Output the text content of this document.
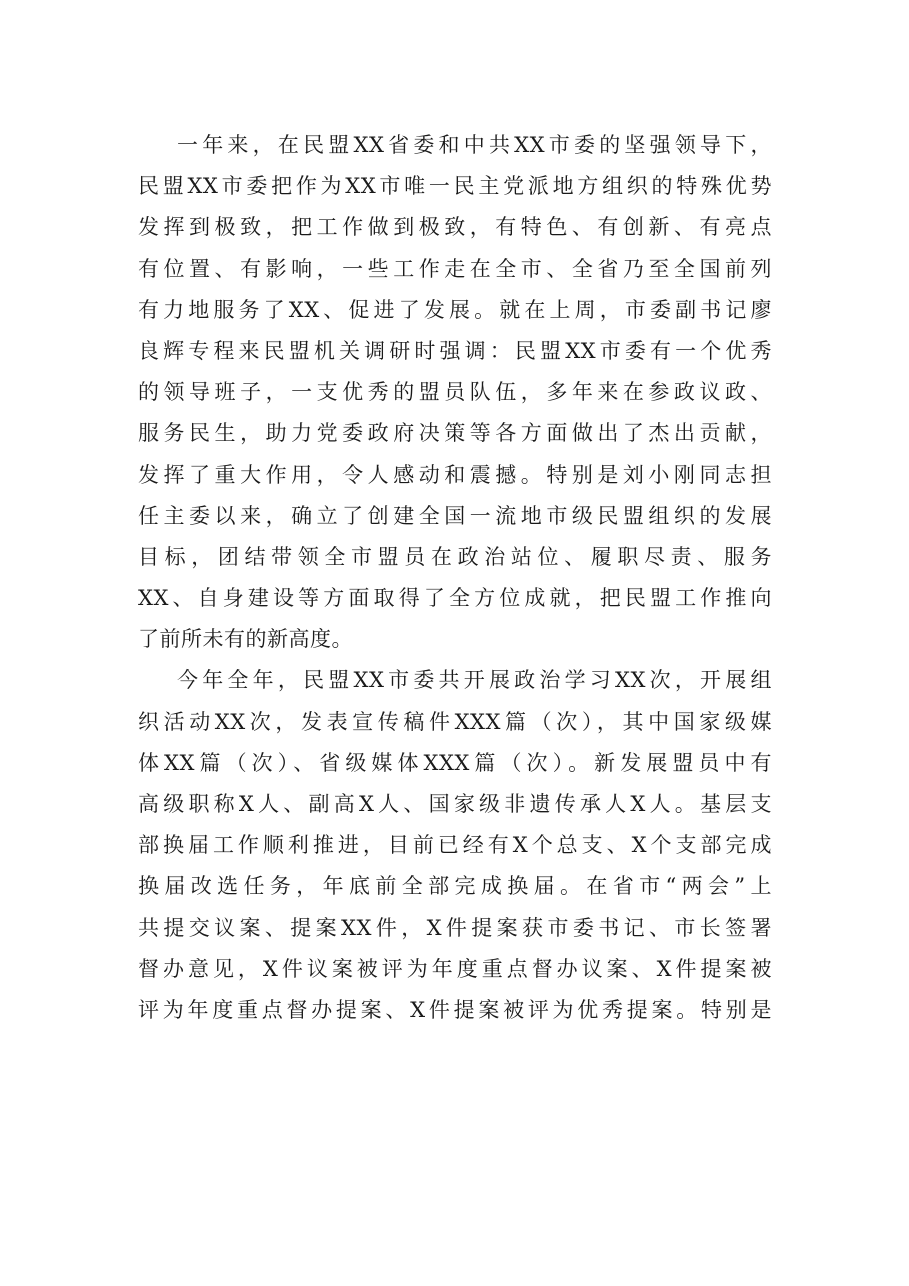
一年来，在民盟XX省委和中共XX市委的坚强领导下，
民盟XX市委把作为XX市唯一民主党派地方组织的特殊优势
发挥到极致，把工作做到极致，有特色、有创新、有亮点
有位置、有影响，一些工作走在全市、全省乃至全国前列
有力地服务了XX、促进了发展。就在上周，市委副书记廖
良辉专程来民盟机关调研时强调：民盟XX市委有一个优秀
的领导班子，一支优秀的盟员队伍，多年来在参政议政、
服务民生，助力党委政府决策等各方面做出了杰出贡献，
发挥了重大作用，令人感动和震撼。特别是刘小刚同志担
任主委以来，确立了创建全国一流地市级民盟组织的发展
目标，团结带领全市盟员在政治站位、履职尽责、服务
XX、自身建设等方面取得了全方位成就，把民盟工作推向
了前所未有的新高度。
今年全年，民盟XX市委共开展政治学习XX次，开展组
织活动XX次，发表宣传稿件XXX篇（次），其中国家级媒
体XX篇（次）、省级媒体XXX篇（次）。新发展盟员中有
高级职称X人、副高X人、国家级非遗传承人X人。基层支
部换届工作顺利推进，目前已经有X个总支、X个支部完成
换届改选任务，年底前全部完成换届。在省市“两会”上
共提交议案、提案XX件，X件提案获市委书记、市长签署
督办意见，X件议案被评为年度重点督办议案、X件提案被
评为年度重点督办提案、X件提案被评为优秀提案。特别是
